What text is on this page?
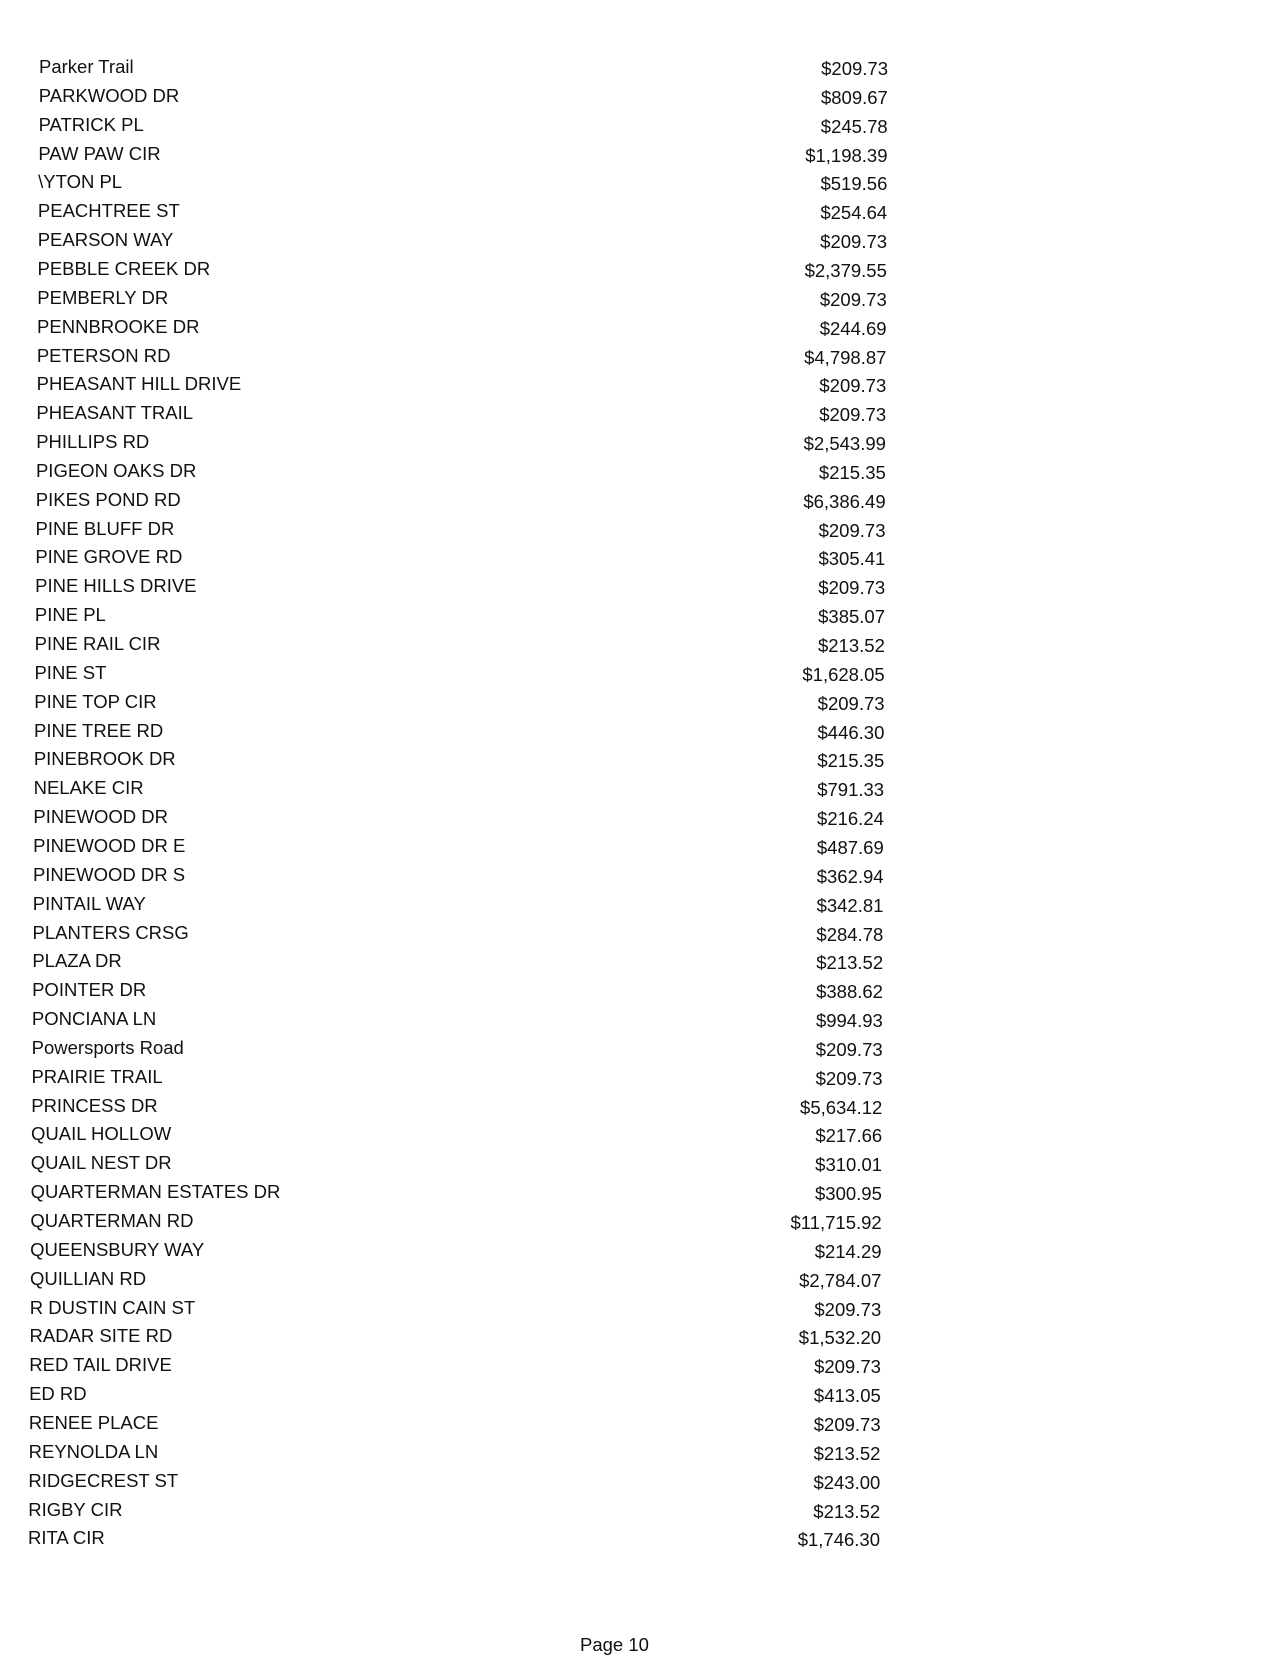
Parker Trail	$209.73
PARKWOOD DR	$809.67
PATRICK PL	$245.78
PAW PAW CIR	$1,198.39
\YTON PL	$519.56
PEACHTREE ST	$254.64
PEARSON WAY	$209.73
PEBBLE CREEK DR	$2,379.55
PEMBERLY DR	$209.73
PENNBROOKE DR	$244.69
PETERSON RD	$4,798.87
PHEASANT HILL DRIVE	$209.73
PHEASANT TRAIL	$209.73
PHILLIPS RD	$2,543.99
PIGEON OAKS DR	$215.35
PIKES POND RD	$6,386.49
PINE BLUFF DR	$209.73
PINE GROVE RD	$305.41
PINE HILLS DRIVE	$209.73
PINE PL	$385.07
PINE RAIL CIR	$213.52
PINE ST	$1,628.05
PINE TOP CIR	$209.73
PINE TREE RD	$446.30
PINEBROOK DR	$215.35
NELAKE CIR	$791.33
PINEWOOD DR	$216.24
PINEWOOD DR E	$487.69
PINEWOOD DR S	$362.94
PINTAIL WAY	$342.81
PLANTERS CRSG	$284.78
PLAZA DR	$213.52
POINTER DR	$388.62
PONCIANA LN	$994.93
Powersports Road	$209.73
PRAIRIE TRAIL	$209.73
PRINCESS DR	$5,634.12
QUAIL HOLLOW	$217.66
QUAIL NEST DR	$310.01
QUARTERMAN ESTATES DR	$300.95
QUARTERMAN RD	$11,715.92
QUEENSBURY WAY	$214.29
QUILLIAN RD	$2,784.07
R DUSTIN CAIN ST	$209.73
RADAR SITE RD	$1,532.20
RED TAIL DRIVE	$209.73
ED RD	$413.05
RENEE PLACE	$209.73
REYNOLDA LN	$213.52
RIDGECREST ST	$243.00
RIGBY CIR	$213.52
RITA CIR	$1,746.30
Page 10
